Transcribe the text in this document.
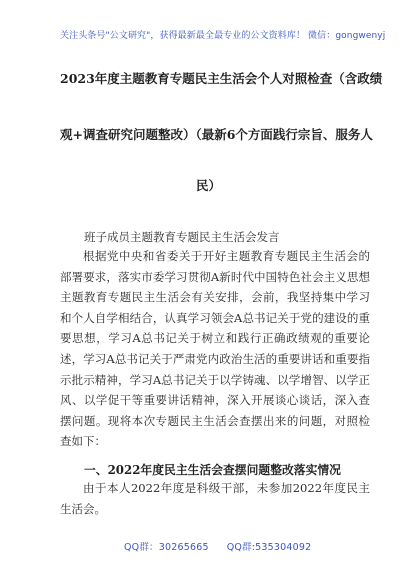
关注头条号"公文研究"，获得最新最全最专业的公文资料库！ 微信：gongwenyj
2023年度主题教育专题民主生活会个人对照检查（含政绩
观+调查研究问题整改）（最新6个方面践行宗旨、服务人
民）
班子成员主题教育专题民主生活会发言
根据党中央和省委关于开好主题教育专题民主生活会的部署要求，落实市委学习贯彻A新时代中国特色社会主义思想主题教育专题民主生活会有关安排，会前，我坚持集中学习和个人自学相结合，认真学习领会A总书记关于党的建设的重要思想，学习A总书记关于树立和践行正确政绩观的重要论述，学习A总书记关于严肃党内政治生活的重要讲话和重要指示批示精神，学习A总书记关于以学铸魂、以学增智、以学正风、以学促干等重要讲话精神，深入开展谈心谈话，深入查摆问题。现将本次专题民主生活会查摆出来的问题，对照检查如下：
一、2022年度民主生活会查摆问题整改落实情况
由于本人2022年度是科级干部，未参加2022年度民主生活会。
QQ群：30265665 QQ群:535304092
